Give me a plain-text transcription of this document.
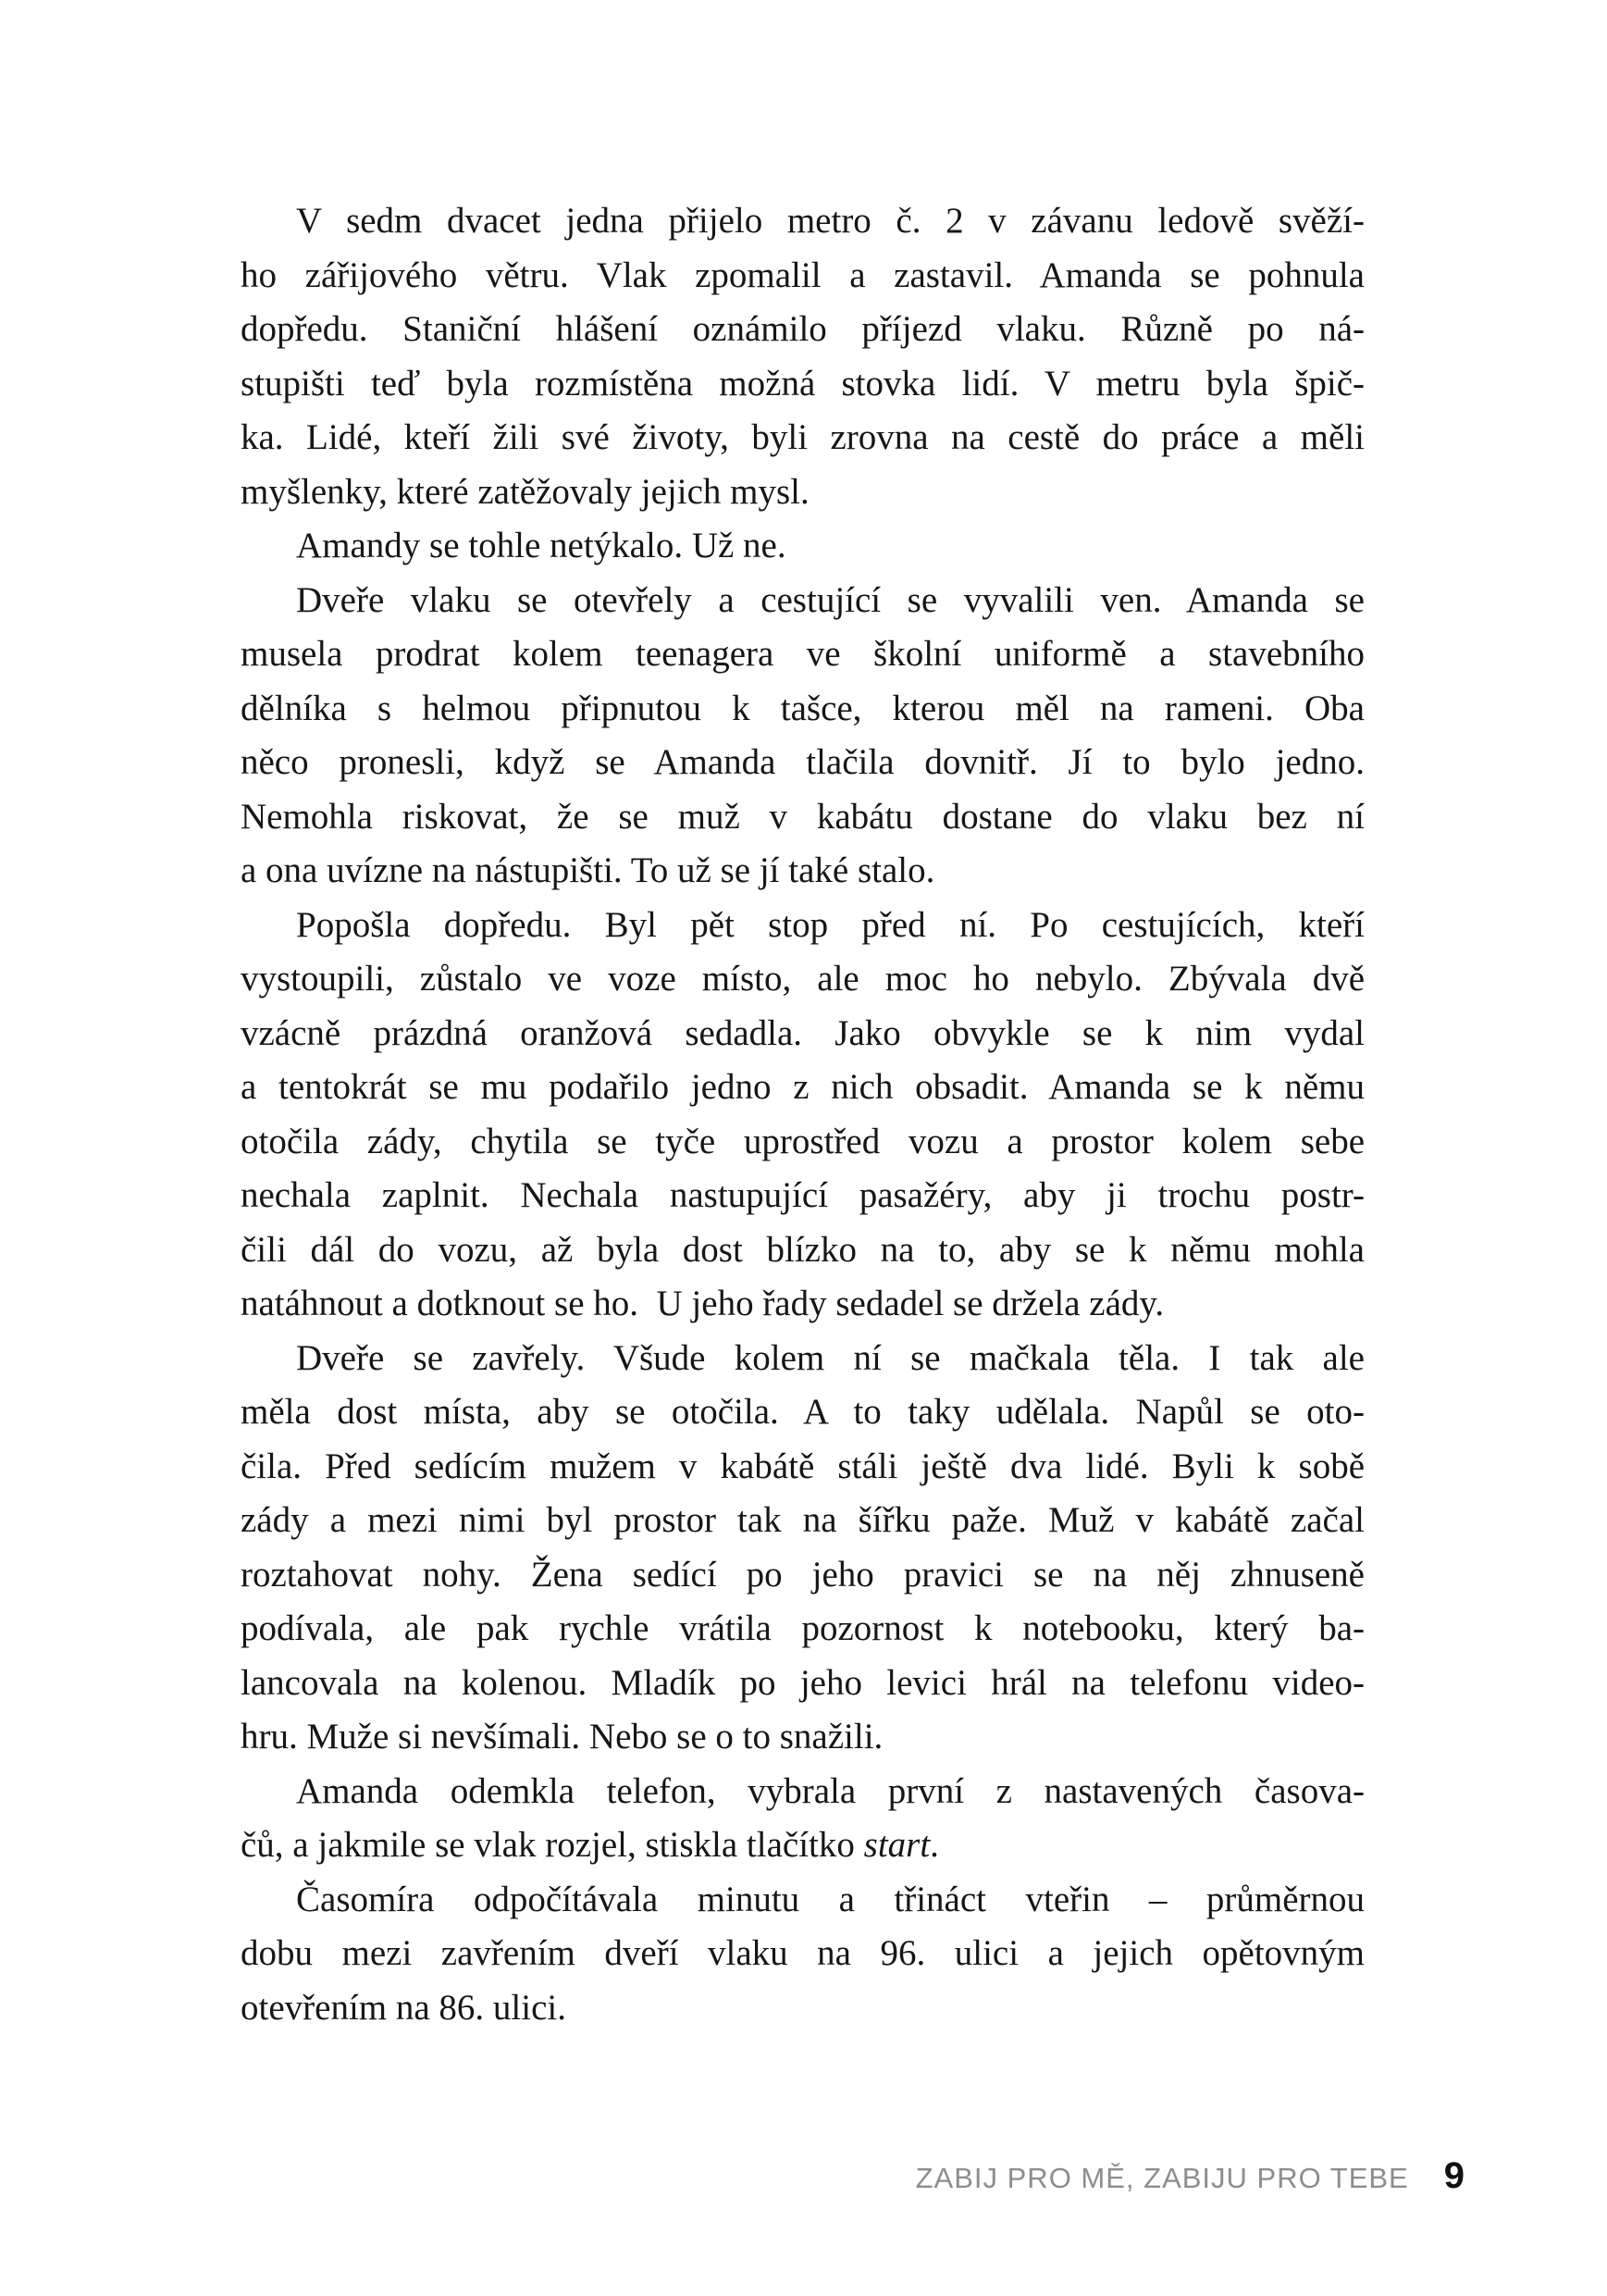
V sedm dvacet jedna přijelo metro č. 2 v závanu ledově svěží-
ho zářijového větru. Vlak zpomalil a zastavil. Amanda se pohnula
dopředu. Staniční hlášení oznámilo příjezd vlaku. Různě po ná-
stupišti teď byla rozmístěna možná stovka lidí. V metru byla špič-
ka. Lidé, kteří žili své životy, byli zrovna na cestě do práce a měli
myšlenky, které zatěžovaly jejich mysl.
Amandy se tohle netýkalo. Už ne.
Dveře vlaku se otevřely a cestující se vyvalili ven. Amanda se
musela prodrat kolem teenagera ve školní uniformě a stavebního
dělníka s helmou připnutou k tašce, kterou měl na rameni. Oba
něco pronesli, když se Amanda tlačila dovnitř. Jí to bylo jedno.
Nemohla riskovat, že se muž v kabátu dostane do vlaku bez ní
a ona uvízne na nástupišti. To už se jí také stalo.
Popošla dopředu. Byl pět stop před ní. Po cestujících, kteří
vystoupili, zůstalo ve voze místo, ale moc ho nebylo. Zbývala dvě
vzácně prázdná oranžová sedadla. Jako obvykle se k nim vydal
a tentokrát se mu podařilo jedno z nich obsadit. Amanda se k němu
otočila zády, chytila se tyče uprostřed vozu a prostor kolem sebe
nechala zaplnit. Nechala nastupující pasažéry, aby ji trochu postr-
čili dál do vozu, až byla dost blízko na to, aby se k němu mohla
natáhnout a dotknout se ho.  U jeho řady sedadel se držela zády.
Dveře se zavřely. Všude kolem ní se mačkala těla. I tak ale
měla dost místa, aby se otočila. A to taky udělala. Napůl se oto-
čila. Před sedícím mužem v kabátě stáli ještě dva lidé. Byli k sobě
zády a mezi nimi byl prostor tak na šířku paže. Muž v kabátě začal
roztahovat nohy. Žena sedící po jeho pravici se na něj zhnuseně
podívala, ale pak rychle vrátila pozornost k notebooku, který ba-
lancovala na kolenou. Mladík po jeho levici hrál na telefonu video-
hru. Muže si nevšímali. Nebo se o to snažili.
Amanda odemkla telefon, vybrala první z nastavených časova-
čů, a jakmile se vlak rozjel, stiskla tlačítko start.
Časomíra odpočítávala minutu a třináct vteřin – průměrnou
dobu mezi zavřením dveří vlaku na 96. ulici a jejich opětovným
otevřením na 86. ulici.
ZABIJ PRO MĚ, ZABIJU PRO TEBE 9
